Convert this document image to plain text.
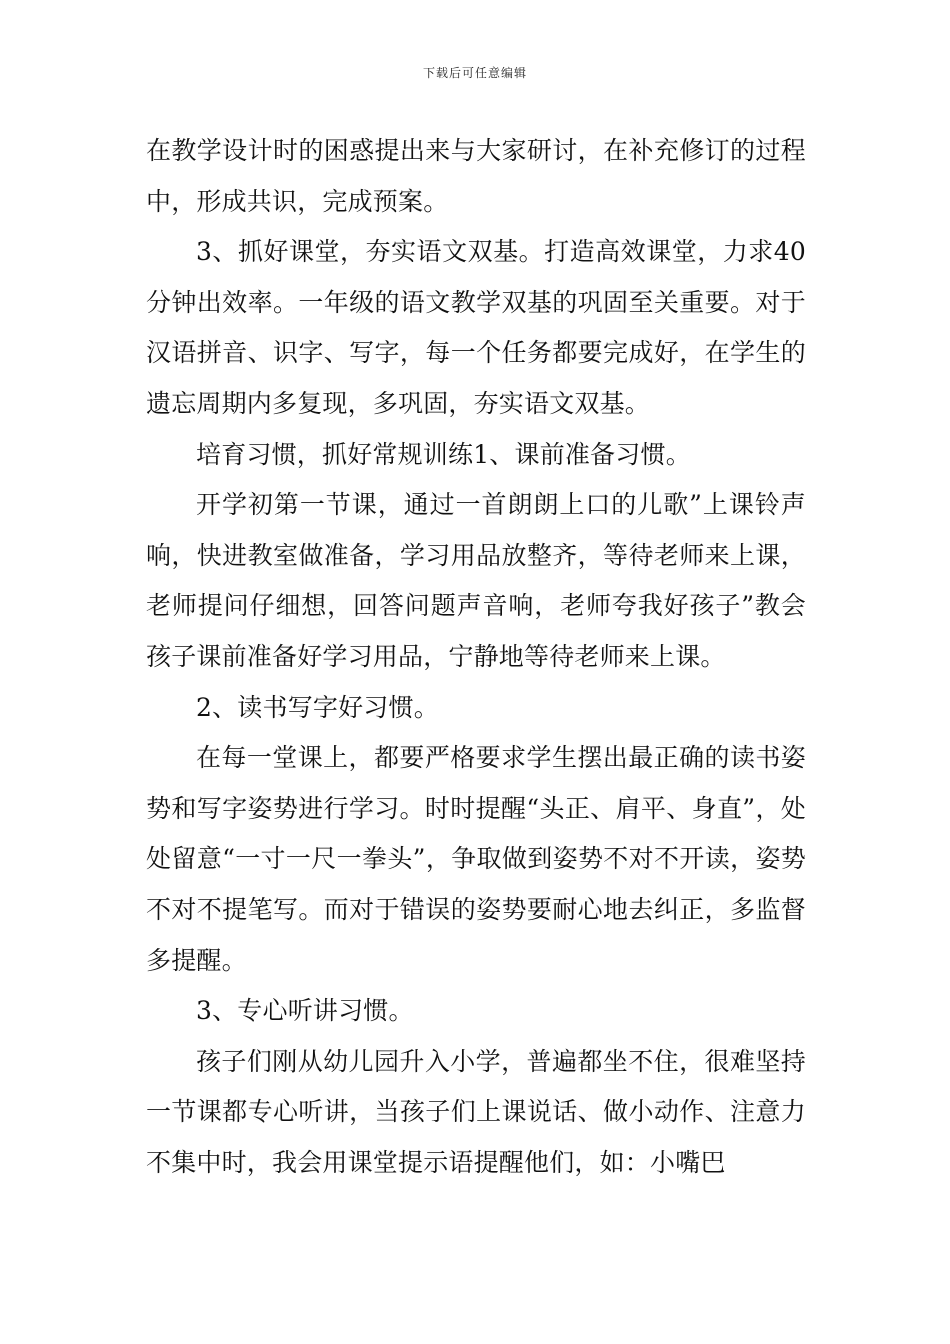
下载后可任意编辑

在教学设计时的困惑提出来与大家研讨，在补充修订的过程中，形成共识，完成预案。

3、抓好课堂，夯实语文双基。打造高效课堂，力求40分钟出效率。一年级的语文教学双基的巩固至关重要。对于汉语拼音、识字、写字，每一个任务都要完成好，在学生的遗忘周期内多复现，多巩固，夯实语文双基。

培育习惯，抓好常规训练1、课前准备习惯。

开学初第一节课，通过一首朗朗上口的儿歌”上课铃声响，快进教室做准备，学习用品放整齐，等待老师来上课，老师提问仔细想，回答问题声音响，老师夸我好孩子”教会孩子课前准备好学习用品，宁静地等待老师来上课。

2、读书写字好习惯。

在每一堂课上，都要严格要求学生摆出最正确的读书姿势和写字姿势进行学习。时时提醒“头正、肩平、身直”，处处留意“一寸一尺一拳头”，争取做到姿势不对不开读，姿势不对不提笔写。而对于错误的姿势要耐心地去纠正，多监督多提醒。

3、专心听讲习惯。

孩子们刚从幼儿园升入小学，普遍都坐不住，很难坚持一节课都专心听讲，当孩子们上课说话、做小动作、注意力不集中时，我会用课堂提示语提醒他们，如：小嘴巴
